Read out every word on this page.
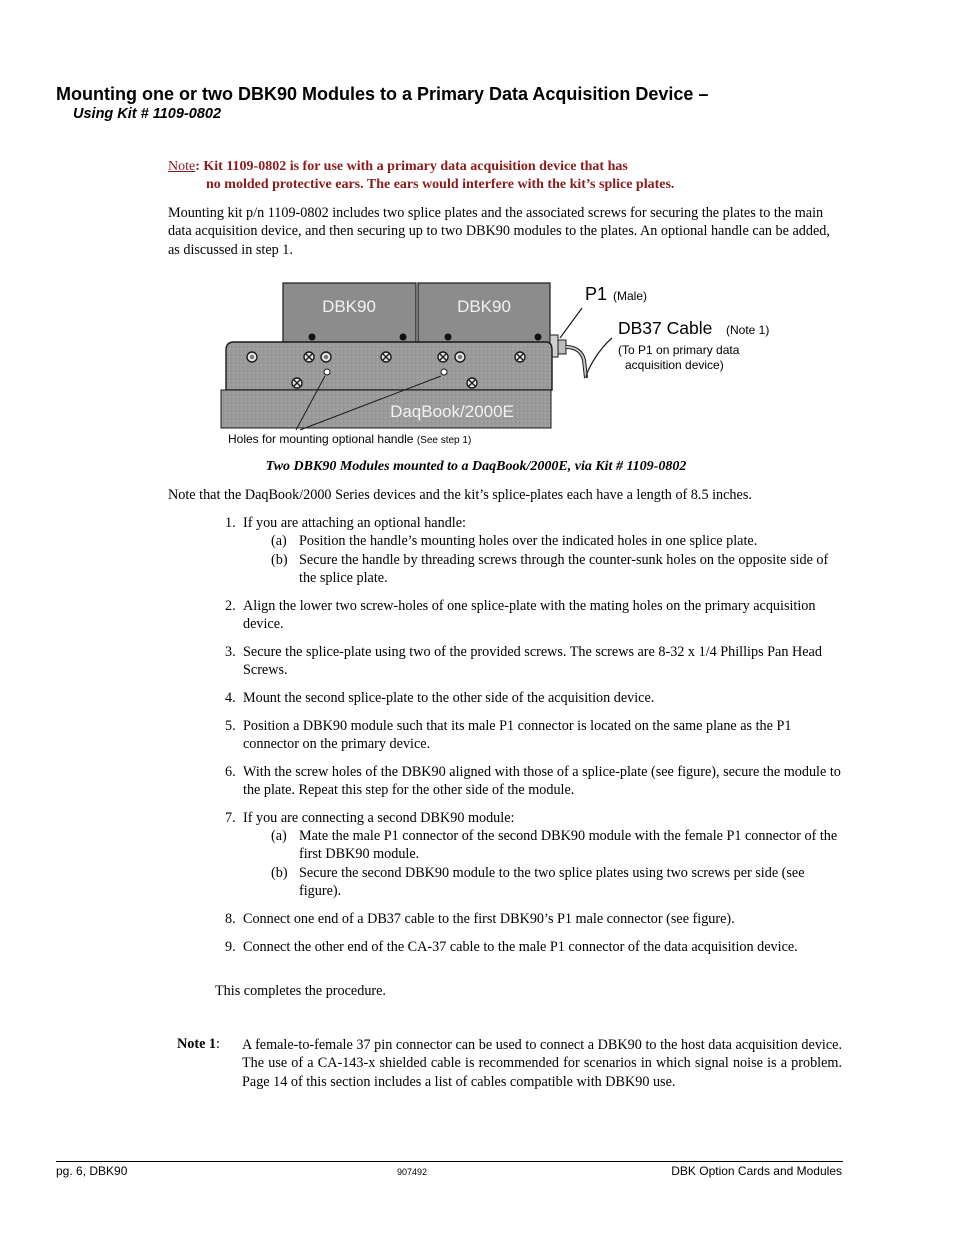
Mounting one or two DBK90 Modules to a Primary Data Acquisition Device –
Using Kit # 1109-0802
Note: Kit 1109-0802 is for use with a primary data acquisition device that has
no molded protective ears. The ears would interfere with the kit’s splice plates.
Mounting kit p/n 1109-0802 includes two splice plates and the associated screws for securing the plates to the main data acquisition device, and then securing up to two DBK90 modules to the plates. An optional handle can be added, as discussed in step 1.
DBK90	DBK90
DaqBook/2000E
P1 (Male)
DB37 Cable (Note 1)
(To P1 on primary data
acquisition device)
Holes for mounting optional handle (See step 1)
Two DBK90 Modules mounted to a DaqBook/2000E, via Kit # 1109-0802
Note that the DaqBook/2000 Series devices and the kit’s splice-plates each have a length of 8.5 inches.
1. If you are attaching an optional handle:
(a) Position the handle’s mounting holes over the indicated holes in one splice plate.
(b) Secure the handle by threading screws through the counter-sunk holes on the opposite side of the splice plate.
2. Align the lower two screw-holes of one splice-plate with the mating holes on the primary acquisition device.
3. Secure the splice-plate using two of the provided screws. The screws are 8-32 x 1/4 Phillips Pan Head Screws.
4. Mount the second splice-plate to the other side of the acquisition device.
5. Position a DBK90 module such that its male P1 connector is located on the same plane as the P1 connector on the primary device.
6. With the screw holes of the DBK90 aligned with those of a splice-plate (see figure), secure the module to the plate. Repeat this step for the other side of the module.
7. If you are connecting a second DBK90 module:
(a) Mate the male P1 connector of the second DBK90 module with the female P1 connector of the first DBK90 module.
(b) Secure the second DBK90 module to the two splice plates using two screws per side (see figure).
8. Connect one end of a DB37 cable to the first DBK90’s P1 male connector (see figure).
9. Connect the other end of the CA-37 cable to the male P1 connector of the data acquisition device.
This completes the procedure.
Note 1: A female-to-female 37 pin connector can be used to connect a DBK90 to the host data acquisition device. The use of a CA-143-x shielded cable is recommended for scenarios in which signal noise is a problem. Page 14 of this section includes a list of cables compatible with DBK90 use.
pg. 6, DBK90	907492	DBK Option Cards and Modules
